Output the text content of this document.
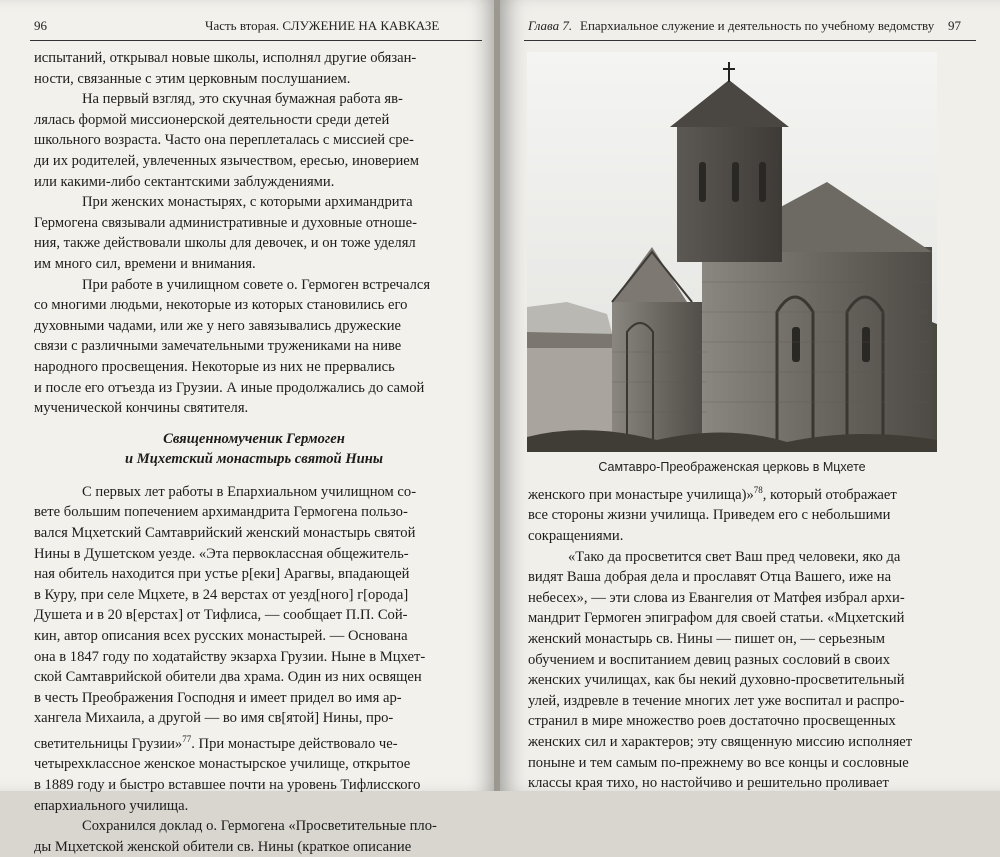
96	Часть вторая. СЛУЖЕНИЕ НА КАВКАЗЕ
испытаний, открывал новые школы, исполнял другие обязан-
ности, связанные с этим церковным послушанием.
На первый взгляд, это скучная бумажная работа яв-
лялась формой миссионерской деятельности среди детей
школьного возраста. Часто она переплеталась с миссией сре-
ди их родителей, увлеченных язычеством, ересью, иноверием
или какими-либо сектантскими заблуждениями.
При женских монастырях, с которыми архимандрита
Гермогена связывали административные и духовные отноше-
ния, также действовали школы для девочек, и он тоже уделял
им много сил, времени и внимания.
При работе в училищном совете о. Гермоген встречался
со многими людьми, некоторые из которых становились его
духовными чадами, или же у него завязывались дружеские
связи с различными замечательными тружениками на ниве
народного просвещения. Некоторые из них не прервались
и после его отъезда из Грузии. А иные продолжались до самой
мученической кончины святителя.
Священномученик Гермоген
и Мцхетский монастырь святой Нины
С первых лет работы в Епархиальном училищном со-
вете большим попечением архимандрита Гермогена пользо-
вался Мцхетский Самтаврийский женский монастырь святой
Нины в Душетском уезде. «Эта первоклассная общежитель-
ная обитель находится при устье р[еки] Арагвы, впадающей
в Куру, при селе Мцхете, в 24 верстах от уезд[ного] г[орода]
Душета и в 20 в[ерстах] от Тифлиса, — сообщает П.П. Сой-
кин, автор описания всех русских монастырей. — Основана
она в 1847 году по ходатайству экзарха Грузии. Ныне в Мцхет-
ской Самтаврийской обители два храма. Один из них освящен
в честь Преображения Господня и имеет придел во имя ар-
хангела Михаила, а другой — во имя св[ятой] Нины, про-
светительницы Грузии»$^{77}$. При монастыре действовало че-
четырехклассное женское монастырское училище, открытое
в 1889 году и быстро вставшее почти на уровень Тифлисского
епархиального училища.
Сохранился доклад о. Гермогена «Просветительные пло-
ды Мцхетской женской обители св. Нины (краткое описание
Глава 7. Епархиальное служение и деятельность по учебному ведомству 97
Самтавро-Преображенская церковь в Мцхете
женского при монастыре училища)»$^{78}$, который отображает
все стороны жизни училища. Приведем его с небольшими
сокращениями.
«Тако да просветится свет Ваш пред человеки, яко да
видят Ваша добрая дела и прославят Отца Вашего, иже на
небесех», — эти слова из Евангелия от Матфея избрал архи-
мандрит Гермоген эпиграфом для своей статьи. «Мцхетский
женский монастырь св. Нины — пишет он, — серьезным
обучением и воспитанием девиц разных сословий в своих
женских училищах, как бы некий духовно-просветительный
улей, издревле в течение многих лет уже воспитал и распро-
странил в мире множество роев достаточно просвещенных
женских сил и характеров; эту священную миссию исполняет
поныне и тем самым по-прежнему во все концы и сословные
классы края тихо, но настойчиво и решительно проливает
